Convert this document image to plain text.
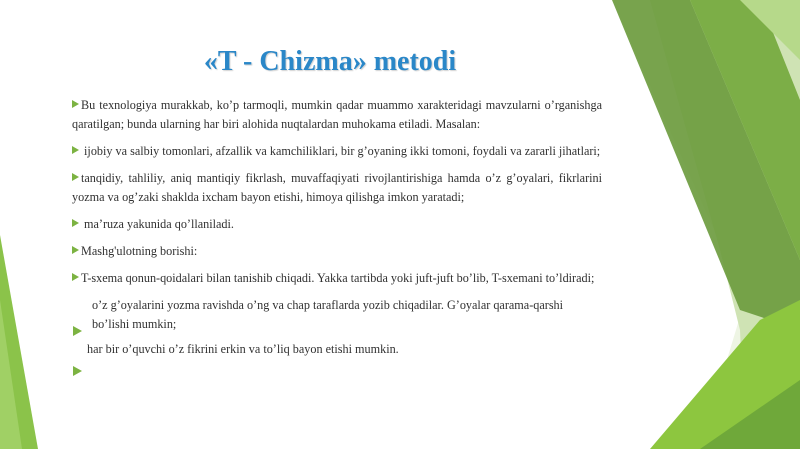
«T - Chizma» metodi

Bu texnologiya murakkab, ko’p tarmoqli, mumkin qadar muammo xarakteridagi mavzularni o’rganishga qaratilgan; bunda ularning har biri alohida nuqtalardan muhokama etiladi. Masalan:

ijobiy va salbiy tomonlari, afzallik va kamchiliklari, bir g’oyaning ikki tomoni, foydali va zararli jihatlari;

tanqidiy, tahliliy, aniq mantiqiy fikrlash, muvaffaqiyati rivojlantirishiga hamda o’z g’oyalari, fikrlarini yozma va og’zaki shaklda ixcham bayon etishi, himoya qilishga imkon yaratadi;

ma’ruza yakunida qo’llaniladi.

Mashg'ulotning borishi:

T-sxema qonun-qoidalari bilan tanishib chiqadi. Yakka tartibda yoki juft-juft bo’lib, T-sxemani to’ldiradi;

o’z g’oyalarini yozma ravishda o’ng va chap taraflarda yozib chiqadilar. G’oyalar qarama-qarshi
bo’lishi mumkin;

har bir o’quvchi o’z fikrini erkin va to’liq bayon etishi mumkin.
